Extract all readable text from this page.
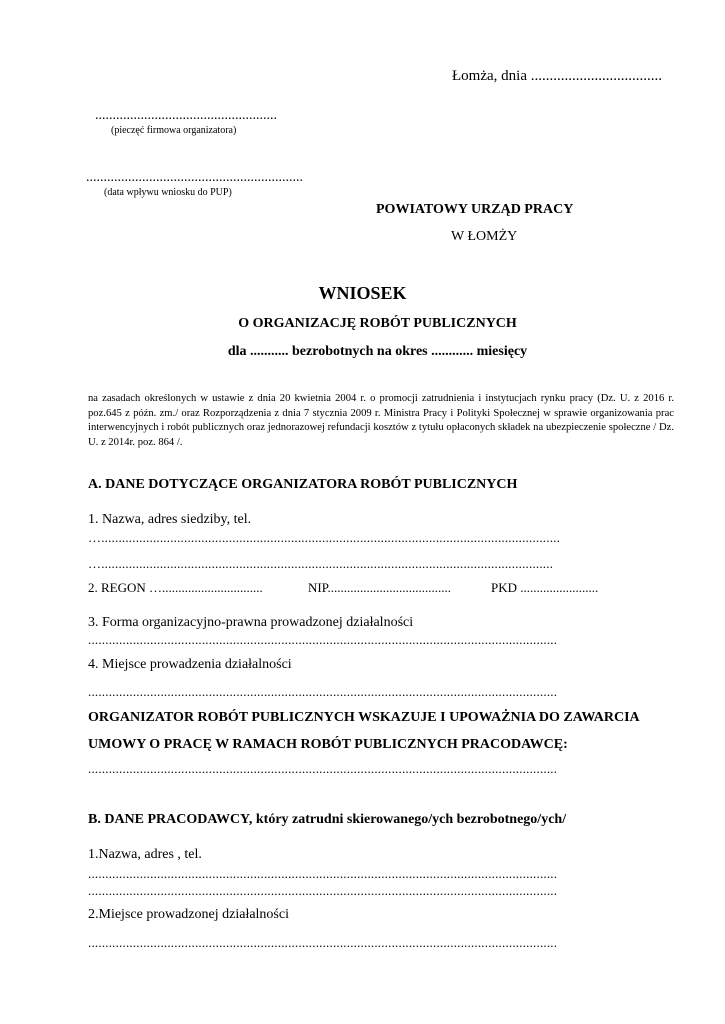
Łomża, dnia ...................................
....................................................
(pieczęć firmowa organizatora)
..............................................................
(data wpływu wniosku do PUP)
POWIATOWY URZĄD PRACY
W ŁOMŻY
WNIOSEK
O ORGANIZACJĘ ROBÓT PUBLICZNYCH
dla ........... bezrobotnych na okres ............ miesięcy
na zasadach określonych w ustawie z dnia 20 kwietnia 2004 r. o promocji zatrudnienia i instytucjach rynku pracy (Dz. U. z 2016 r. poz.645 z późn. zm./ oraz Rozporządzenia z dnia 7 stycznia 2009 r. Ministra Pracy i Polityki Społecznej w sprawie organizowania prac interwencyjnych i robót publicznych oraz jednorazowej refundacji kosztów z tytułu opłaconych składek na ubezpieczenie społeczne / Dz. U. z 2014r. poz. 864 /.
A. DANE DOTYCZĄCE ORGANIZATORA ROBÓT PUBLICZNYCH
1. Nazwa, adres siedziby, tel.
….....................................................................................................................................
…...................................................................................................................................
2. REGON …...............................	NIP......................................	PKD ........................
3. Forma organizacyjno-prawna prowadzonej działalności
........................................................................................................................................
4. Miejsce prowadzenia działalności
........................................................................................................................................
ORGANIZATOR ROBÓT PUBLICZNYCH WSKAZUJE I UPOWAŻNIA DO ZAWARCIA
UMOWY O PRACĘ W RAMACH ROBÓT PUBLICZNYCH PRACODAWCĘ:
........................................................................................................................................
B. DANE PRACODAWCY, który zatrudni skierowanego/ych bezrobotnego/ych/
1.Nazwa, adres , tel.
........................................................................................................................................
........................................................................................................................................
2.Miejsce prowadzonej działalności
........................................................................................................................................
